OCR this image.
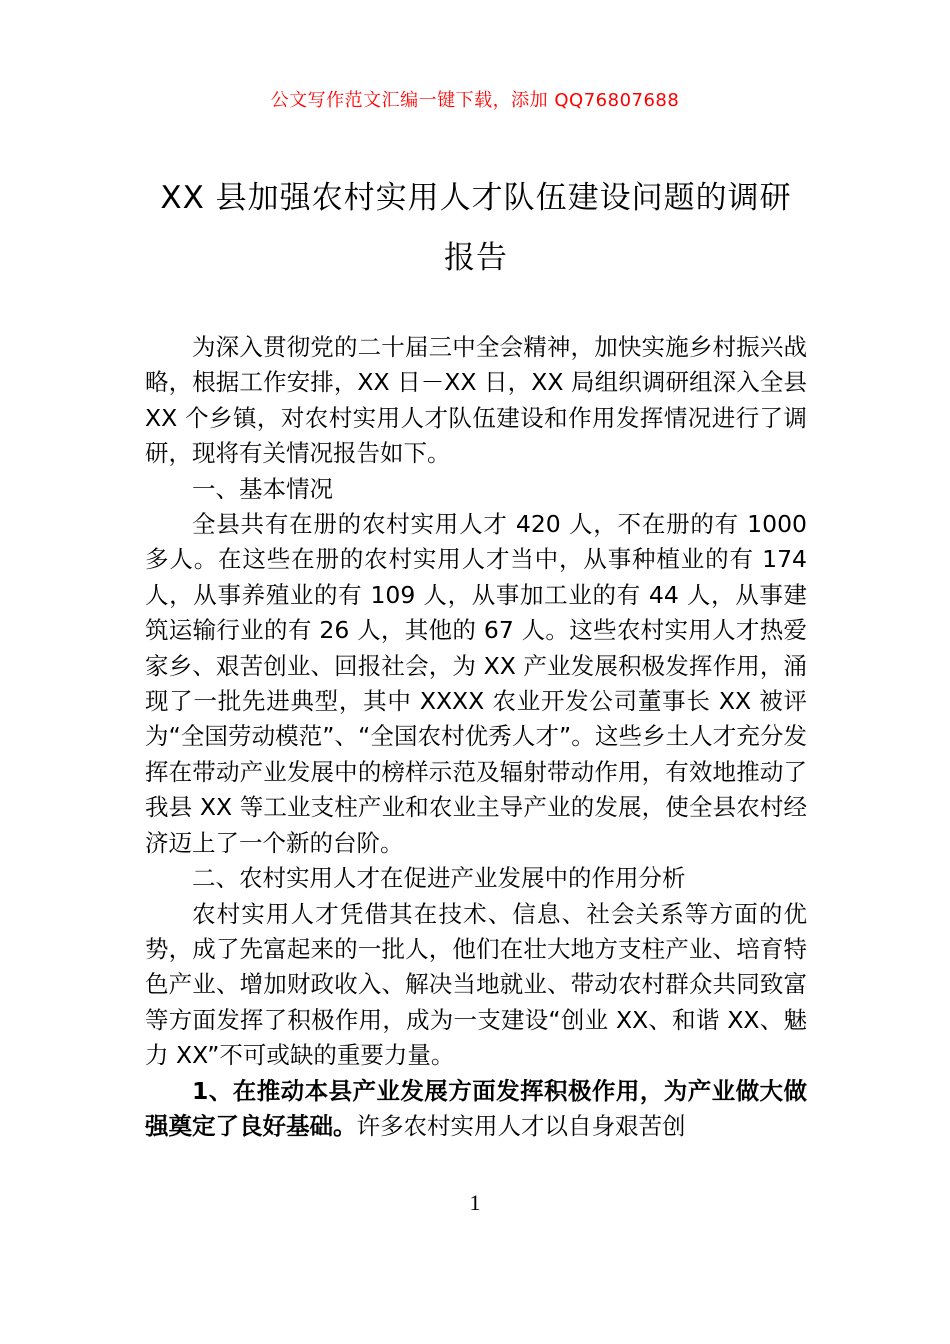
公文写作范文汇编一键下载，添加 QQ76807688
XX 县加强农村实用人才队伍建设问题的调研报告

为深入贯彻党的二十届三中全会精神，加快实施乡村振兴战略，根据工作安排，XX 日－XX 日，XX 局组织调研组深入全县 XX 个乡镇，对农村实用人才队伍建设和作用发挥情况进行了调研，现将有关情况报告如下。

一、基本情况

全县共有在册的农村实用人才 420 人，不在册的有 1000 多人。在这些在册的农村实用人才当中，从事种植业的有 174 人，从事养殖业的有 109 人，从事加工业的有 44 人，从事建筑运输行业的有 26 人，其他的 67 人。这些农村实用人才热爱家乡、艰苦创业、回报社会，为 XX 产业发展积极发挥作用，涌现了一批先进典型，其中 XXXX 农业开发公司董事长 XX 被评为“全国劳动模范”、“全国农村优秀人才”。这些乡土人才充分发挥在带动产业发展中的榜样示范及辐射带动作用，有效地推动了我县 XX 等工业支柱产业和农业主导产业的发展，使全县农村经济迈上了一个新的台阶。

二、农村实用人才在促进产业发展中的作用分析

农村实用人才凭借其在技术、信息、社会关系等方面的优势，成了先富起来的一批人，他们在壮大地方支柱产业、培育特色产业、增加财政收入、解决当地就业、带动农村群众共同致富等方面发挥了积极作用，成为一支建设“创业 XX、和谐 XX、魅力 XX”不可或缺的重要力量。

1、在推动本县产业发展方面发挥积极作用，为产业做大做强奠定了良好基础。许多农村实用人才以自身艰苦创

1
